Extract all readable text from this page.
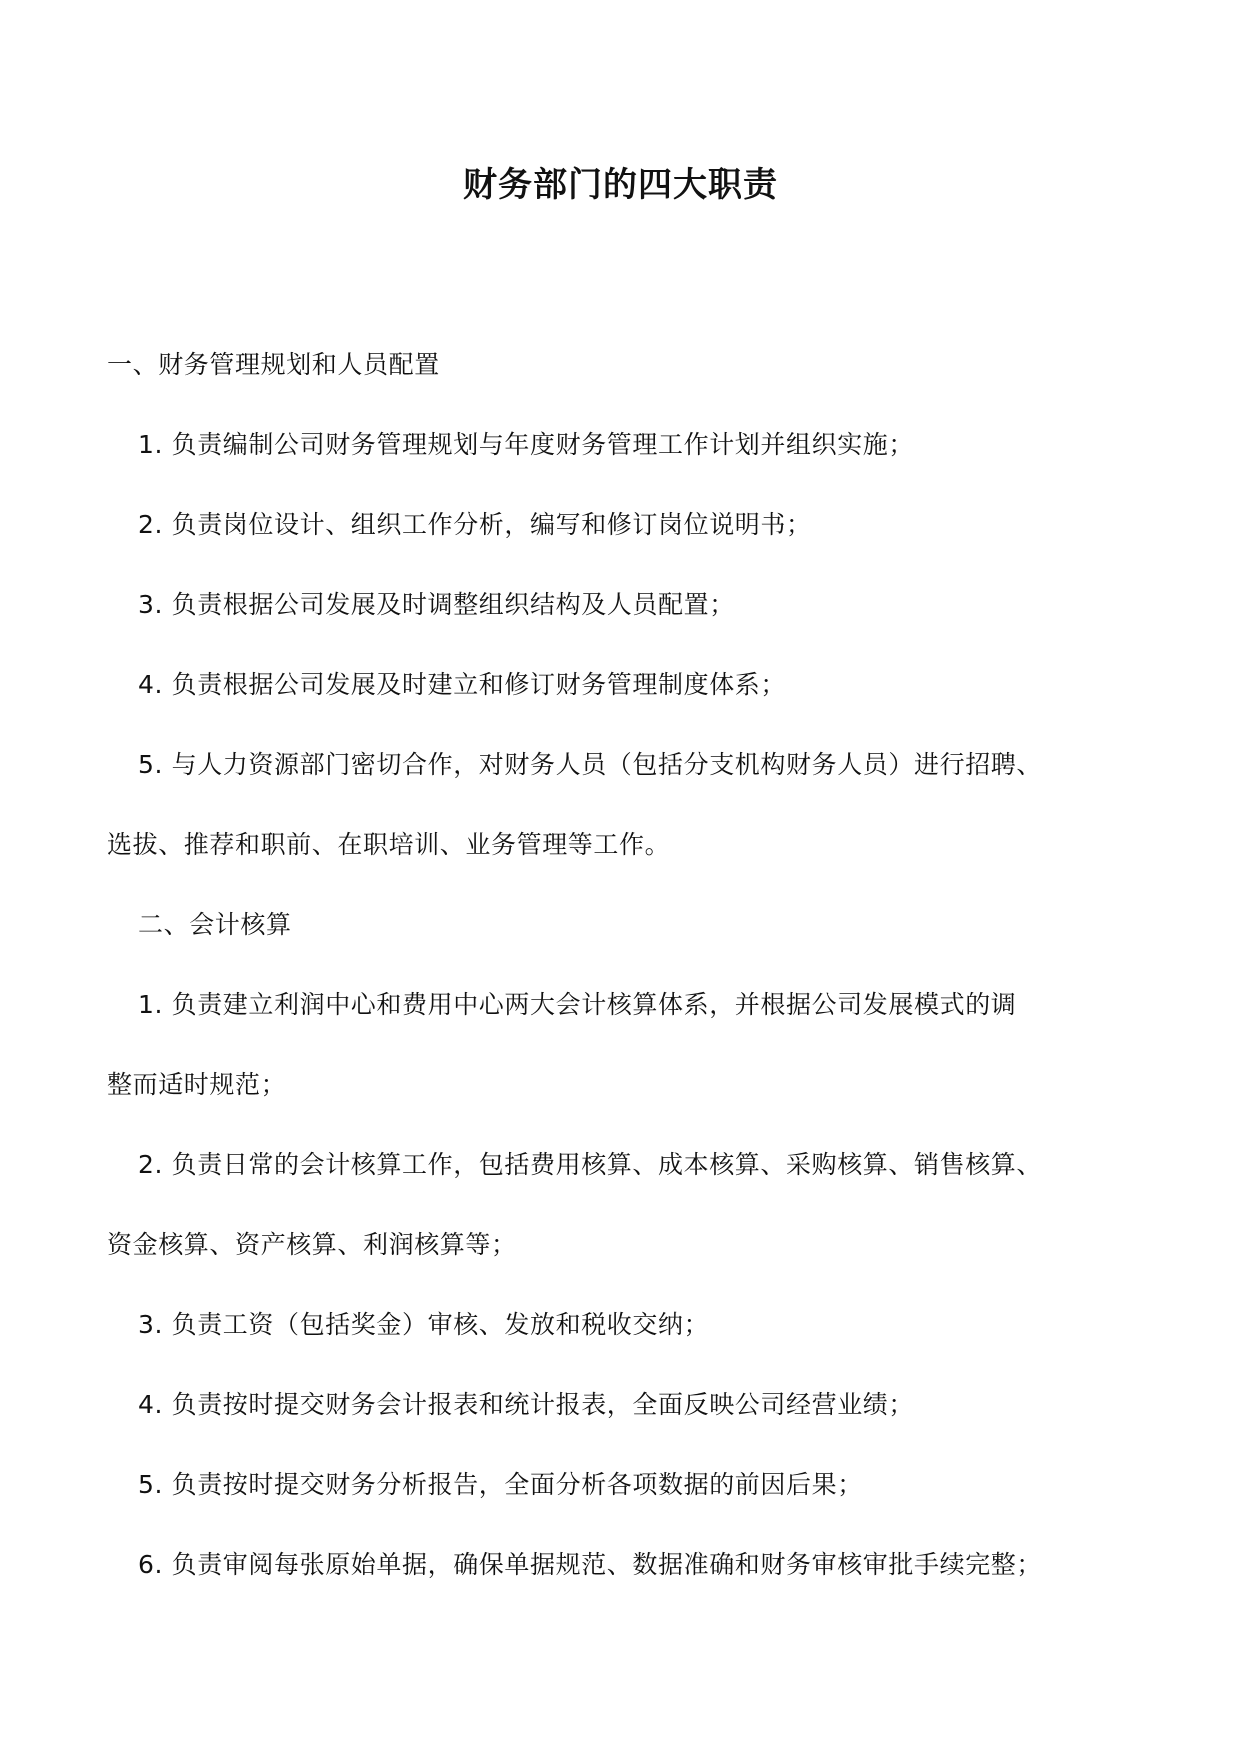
财务部门的四大职责
一、财务管理规划和人员配置
1. 负责编制公司财务管理规划与年度财务管理工作计划并组织实施；
2. 负责岗位设计、组织工作分析，编写和修订岗位说明书；
3. 负责根据公司发展及时调整组织结构及人员配置；
4. 负责根据公司发展及时建立和修订财务管理制度体系；
5. 与人力资源部门密切合作，对财务人员（包括分支机构财务人员）进行招聘、
选拔、推荐和职前、在职培训、业务管理等工作。
二、会计核算
1. 负责建立利润中心和费用中心两大会计核算体系，并根据公司发展模式的调
整而适时规范；
2. 负责日常的会计核算工作，包括费用核算、成本核算、采购核算、销售核算、
资金核算、资产核算、利润核算等；
3. 负责工资（包括奖金）审核、发放和税收交纳；
4. 负责按时提交财务会计报表和统计报表，全面反映公司经营业绩；
5. 负责按时提交财务分析报告，全面分析各项数据的前因后果；
6. 负责审阅每张原始单据，确保单据规范、数据准确和财务审核审批手续完整；
